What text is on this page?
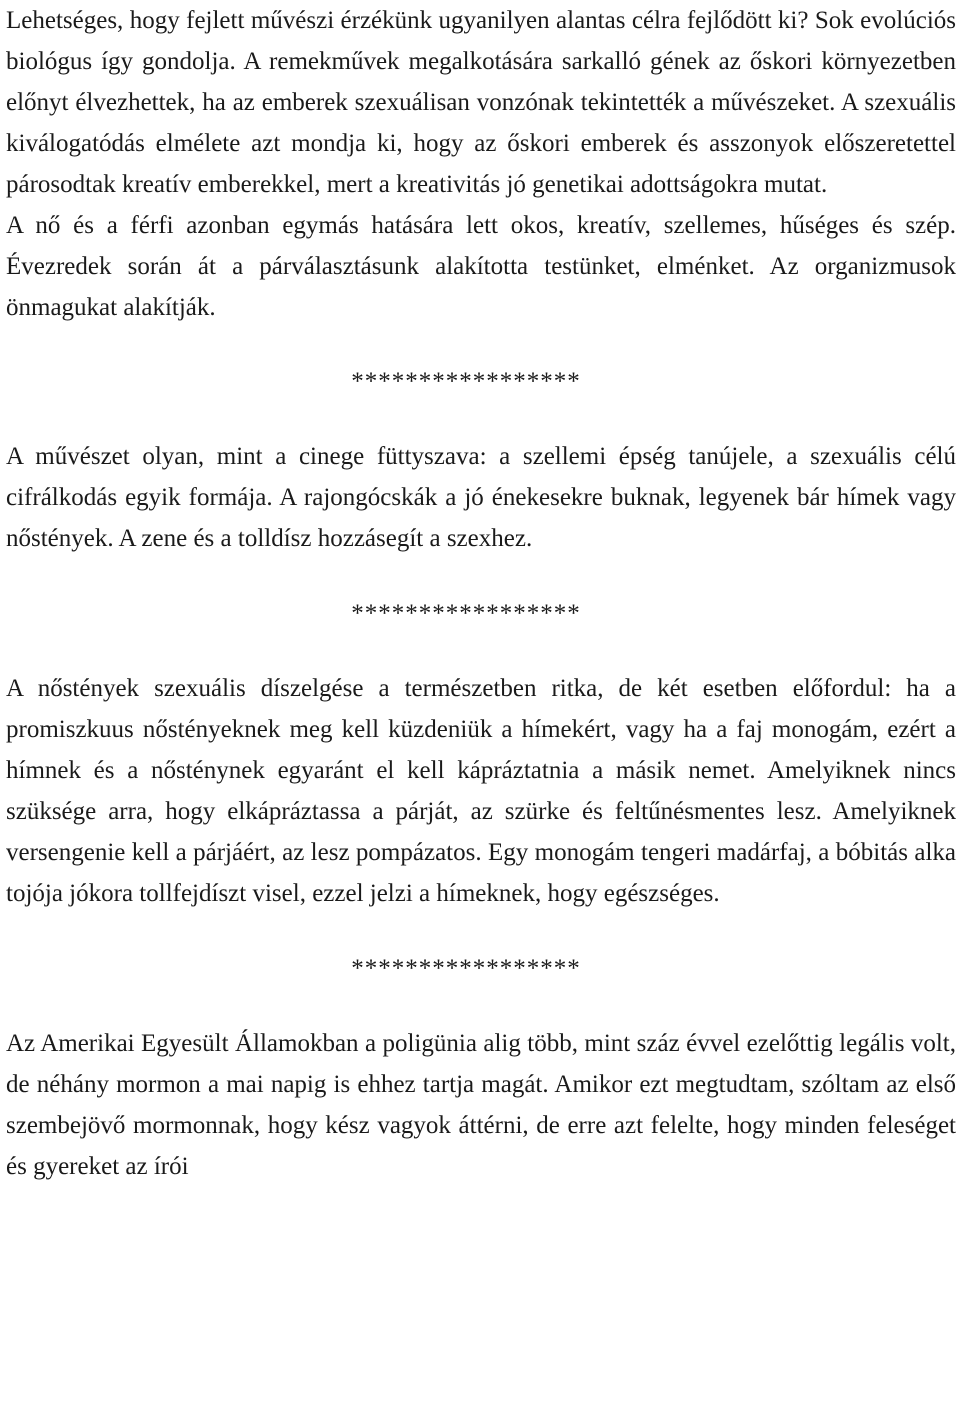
Lehetséges, hogy fejlett művészi érzékünk ugyanilyen alantas célra fejlődött ki? Sok evolúciós biológus így gondolja. A remekművek megalkotására sarkalló gének az őskori környezetben előnyt élvezhettek, ha az emberek szexuálisan vonzónak tekintették a művészeket. A szexuális kiválogatódás elmélete azt mondja ki, hogy az őskori emberek és asszonyok előszeretettel párosodtak kreatív emberekkel, mert a kreativitás jó genetikai adottságokra mutat.

A nő és a férfi azonban egymás hatására lett okos, kreatív, szellemes, hűséges és szép. Évezredek során át a párválasztásunk alakította testünket, elménket. Az organizmusok önmagukat alakítják.

*****************

A művészet olyan, mint a cinege füttyszava: a szellemi épség tanújele, a szexuális célú cifrálkodás egyik formája. A rajongócskák a jó énekesekre buknak, legyenek bár hímek vagy nőstények. A zene és a tolldísz hozzásegít a szexhez.

*****************

A nőstények szexuális díszelgése a természetben ritka, de két esetben előfordul: ha a promiszkuus nőstényeknek meg kell küzdeniük a hímekért, vagy ha a faj monogám, ezért a hímnek és a nősténynek egyaránt el kell kápráztatnia a másik nemet. Amelyiknek nincs szüksége arra, hogy elkápráztassa a párját, az szürke és feltűnésmentes lesz. Amelyiknek versengenie kell a párjáért, az lesz pompázatos. Egy monogám tengeri madárfaj, a bóbitás alka tojója jókora tollfejdíszt visel, ezzel jelzi a hímeknek, hogy egészséges.

*****************

Az Amerikai Egyesült Államokban a poligünia alig több, mint száz évvel ezelőttig legális volt, de néhány mormon a mai napig is ehhez tartja magát. Amikor ezt megtudtam, szóltam az első szembejövő mormonnak, hogy kész vagyok áttérni, de erre azt felelte, hogy minden feleséget és gyereket az írói
